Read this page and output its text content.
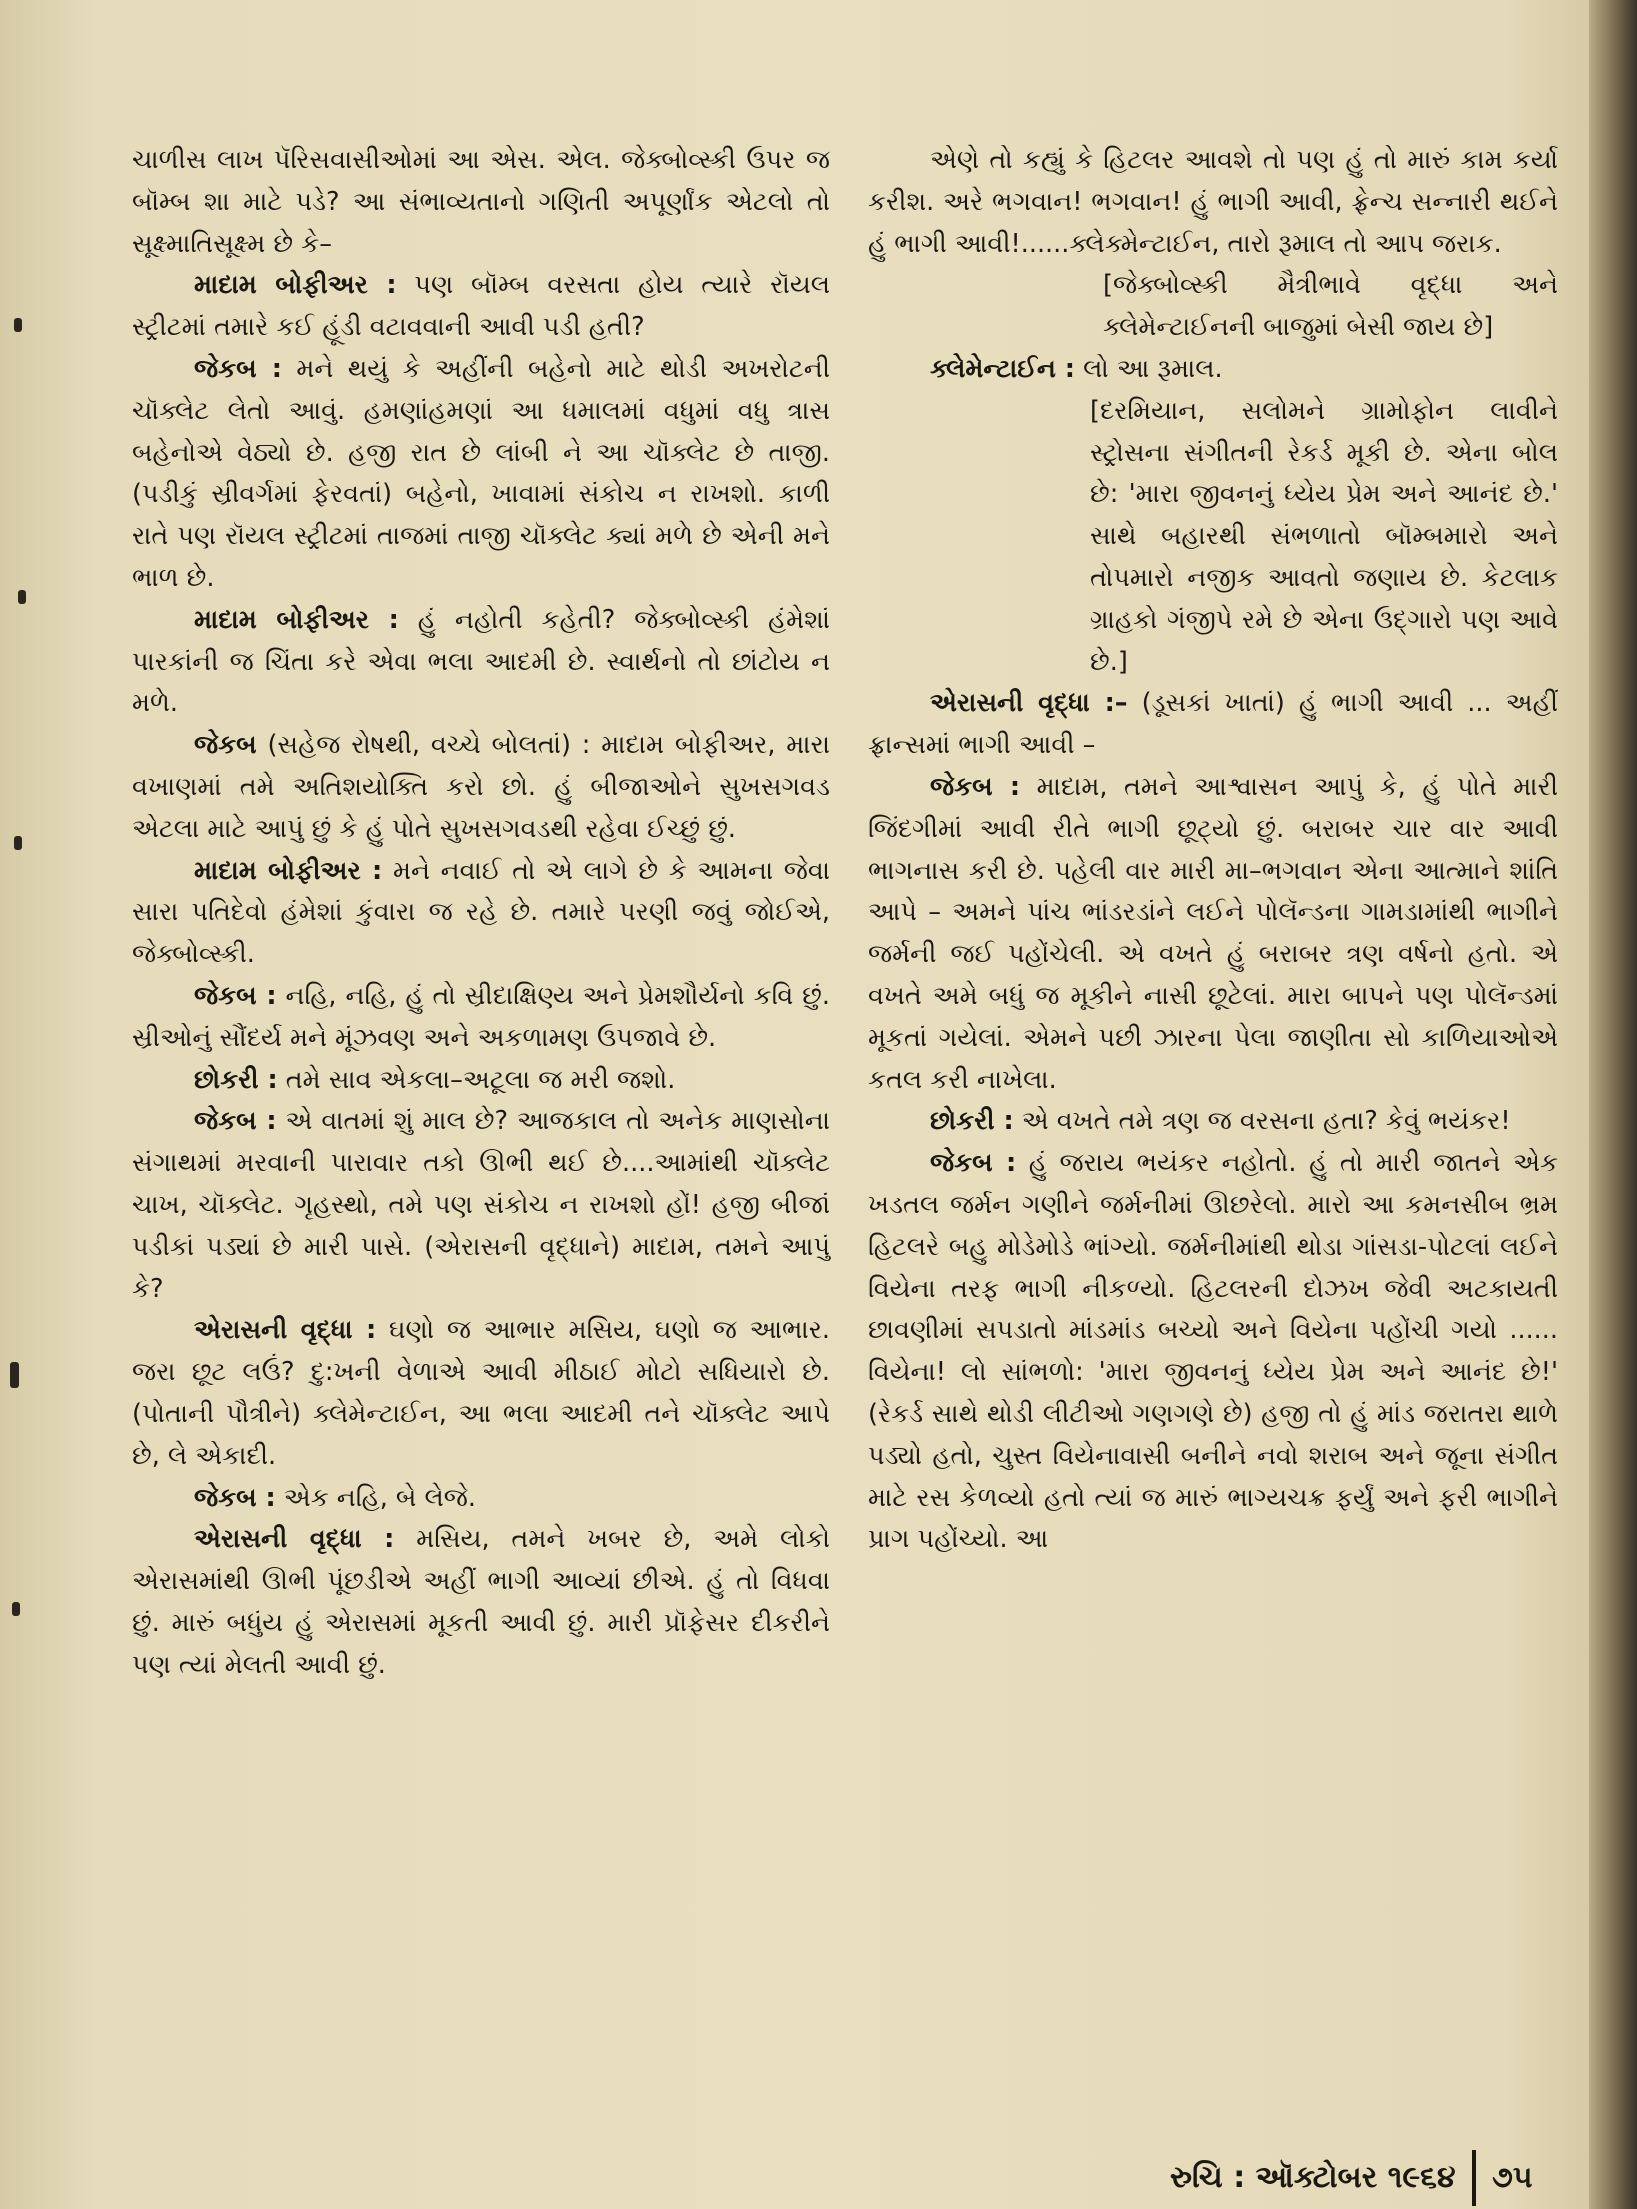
ચાળીસ લાખ પૅરિસવાસીઓમાં આ એસ. એલ. જેક્બોવ્સ્કી ઉપર જ બૉમ્બ શા માટે પડે? આ સંભાવ્યતાનો ગણિતી અપૂર્ણાંક એટલો તો સૂક્ષ્માતિસૂક્ષ્મ છે કે–

માદામ બોફીઅર : પણ બૉમ્બ વરસતા હોય ત્યારે રૉયલ સ્ટ્રીટમાં તમારે કઈ હૂંડી વટાવવાની આવી પડી હતી?

જેકબ : મને થયું કે અહીંની બહેનો માટે થોડી અખરોટની ચૉક્લેટ લેતો આવું. હમણાંહમણાં આ ધમાલમાં વધુમાં વધુ ત્રાસ બહેનોએ વેઠ્યો છે. હજી રાત છે લાંબી ને આ ચૉક્લેટ છે તાજી. (પડીકું સ્રીવર્ગમાં ફેરવતાં) બહેનો, ખાવામાં સંકોચ ન રાખશો. કાળી રાતે પણ રૉયલ સ્ટ્રીટમાં તાજમાં તાજી ચૉક્લેટ ક્યાં મળે છે એની મને ભાળ છે.

માદામ બોફીઅર : હું નહોતી કહેતી? જેક્બોવ્સ્કી હંમેશાં પારકાંની જ ચિંતા કરે એવા ભલા આદમી છે. સ્વાર્થનો તો છાંટોય ન મળે.

જેકબ (સહેજ રોષથી, વચ્ચે બોલતાં) : માદામ બોફીઅર, મારા વખાણમાં તમે અતિશયોક્તિ કરો છો. હું બીજાઓને સુખસગવડ એટલા માટે આપું છું કે હું પોતે સુખસગવડથી રહેવા ઈચ્છું છું.

માદામ બોફીઅર : મને નવાઈ તો એ લાગે છે કે આમના જેવા સારા પતિદેવો હંમેશાં કુંવારા જ રહે છે. તમારે પરણી જવું જોઈએ, જેક્બોવ્સ્કી.

જેકબ : નહિ, નહિ, હું તો સ્રીદાક્ષિણ્ય અને પ્રેમશૌર્યનો કવિ છું. સ્રીઓનું સૌંદર્ય મને મૂંઝવણ અને અકળામણ ઉપજાવે છે.

છોકરી : તમે સાવ એકલા–અટૂલા જ મરી જશો.

જેકબ : એ વાતમાં શું માલ છે? આજકાલ તો અનેક માણસોના સંગાથમાં મરવાની પારાવાર તકો ઊભી થઈ છે....આમાંથી ચૉક્લેટ ચાખ, ચૉક્લેટ. ગૃહસ્થો, તમે પણ સંકોચ ન રાખશો હોં! હજી બીજાં પડીકાં પડ્યાં છે મારી પાસે. (એરાસની વૃદ્ધાને) માદામ, તમને આપું કે?

એરાસની વૃદ્ધા : ઘણો જ આભાર મસિય, ઘણો જ આભાર. જરા છૂટ લઉં? દુ:ખની વેળાએ આવી મીઠાઈ મોટો સધિયારો છે. (પોતાની પૌત્રીને) ક્લેમેન્ટાઈન, આ ભલા આદમી તને ચૉક્લેટ આપે છે, લે એકાદી.

જેકબ : એક નહિ, બે લેજે.

એરાસની વૃદ્ધા : મસિય, તમને ખબર છે, અમે લોકો એરાસમાંથી ઊભી પૂંછડીએ અહીં ભાગી આવ્યાં છીએ. હું તો વિધવા છું. મારું બધુંય હું એરાસમાં મૂકતી આવી છું. મારી પ્રૉફેસર દીકરીને પણ ત્યાં મેલતી આવી છું.

એણે તો કહ્યું કે હિટલર આવશે તો પણ હું તો મારું કામ કર્યા કરીશ. અરે ભગવાન! ભગવાન! હું ભાગી આવી, ફ્રેન્ચ સન્નારી થઈને હું ભાગી આવી!......ક્લેક્મેન્ટાઈન, તારો રૂમાલ તો આપ જરાક.

[જેક્બોવ્સ્કી મૈત્રીભાવે વૃદ્ધા અને ક્લેમેન્ટાઈનની બાજુમાં બેસી જાય છે]

ક્લેમેન્ટાઈન : લો આ રૂમાલ.

[દરમિયાન, સલોમને ગ્રામોફોન લાવીને સ્ટ્રોસના સંગીતની રેકર્ડ મૂકી છે. એના બોલ છે: 'મારા જીવનનું ધ્યેય પ્રેમ અને આનંદ છે.' સાથે બહારથી સંભળાતો બૉમ્બમારો અને તોપમારો નજીક આવતો જણાય છે. કેટલાક ગ્રાહકો ગંજીપે રમે છે એના ઉદ્ગારો પણ આવે છે.]

એરાસની વૃદ્ધા :– (ડૂસકાં ખાતાં) હું ભાગી આવી ... અહીં ફ્રાન્સમાં ભાગી આવી –

જેકબ : માદામ, તમને આશ્વાસન આપું કે, હું પોતે મારી જિંદગીમાં આવી રીતે ભાગી છૂટ્યો છું. બરાબર ચાર વાર આવી ભાગનાસ કરી છે. પહેલી વાર મારી મા–ભગવાન એના આત્માને શાંતિ આપે – અમને પાંચ ભાંડરડાંને લઈને પોલૅન્ડના ગામડામાંથી ભાગીને જર્મની જઈ પહોંચેલી. એ વખતે હું બરાબર ત્રણ વર્ષનો હતો. એ વખતે અમે બધું જ મૂકીને નાસી છૂટેલાં. મારા બાપને પણ પોલૅન્ડમાં મૂકતાં ગયેલાં. એમને પછી ઝારના પેલા જાણીતા સો કાળિયાઓએ કતલ કરી નાખેલા.

છોકરી : એ વખતે તમે ત્રણ જ વરસના હતા? કેવું ભયંકર!

જેકબ : હું જરાય ભયંકર નહોતો. હું તો મારી જાતને એક ખડતલ જર્મન ગણીને જર્મનીમાં ઊછરેલો. મારો આ કમનસીબ ભ્રમ હિટલરે બહુ મોડેમોડે ભાંગ્યો. જર્મનીમાંથી થોડા ગાંસડા-પોટલાં લઈને વિયેના તરફ ભાગી નીકળ્યો. હિટલરની દોઝખ જેવી અટકાયતી છાવણીમાં સપડાતો માંડમાંડ બચ્યો અને વિયેના પહોંચી ગયો ...... વિયેના! લો સાંભળો: 'મારા જીવનનું ધ્યેય પ્રેમ અને આનંદ છે!' (રેકર્ડ સાથે થોડી લીટીઓ ગણગણે છે) હજી તો હું માંડ જરાતરા થાળે પડ્યો હતો, ચુસ્ત વિયેનાવાસી બનીને નવો શરાબ અને જૂના સંગીત માટે રસ કેળવ્યો હતો ત્યાં જ મારું ભાગ્યચક્ર ફર્યું અને ફરી ભાગીને પ્રાગ પહોંચ્યો. આ

રુચિ : ઑક્ટોબર ૧૯૬૪ ૭૫
